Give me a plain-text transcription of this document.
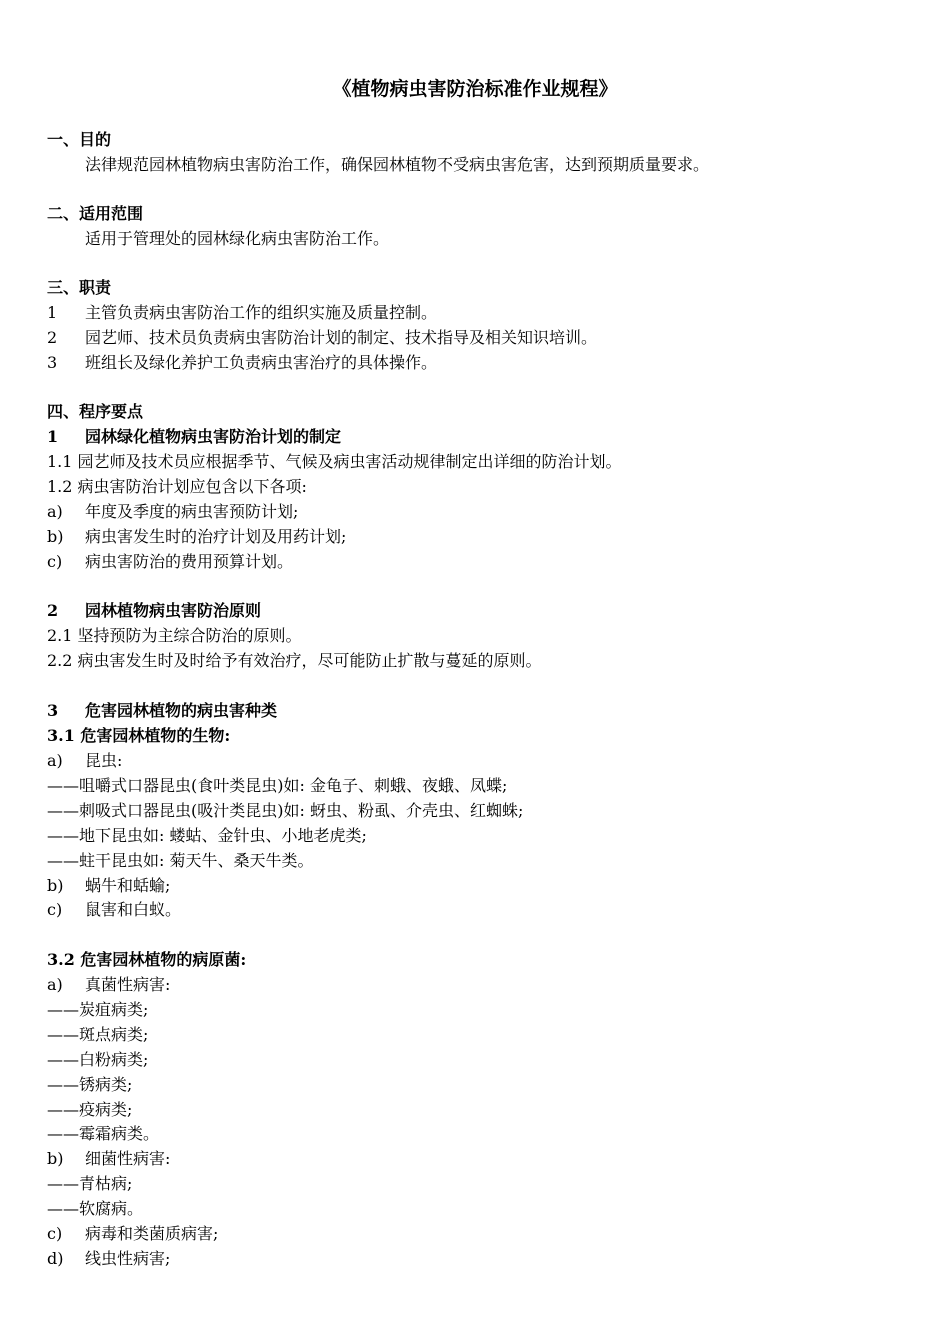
《植物病虫害防治标准作业规程》
一、目的
法律规范园林植物病虫害防治工作，确保园林植物不受病虫害危害，达到预期质量要求。
二、适用范围
适用于管理处的园林绿化病虫害防治工作。
三、职责
1 主管负责病虫害防治工作的组织实施及质量控制。
2 园艺师、技术员负责病虫害防治计划的制定、技术指导及相关知识培训。
3 班组长及绿化养护工负责病虫害治疗的具体操作。
四、程序要点
1 园林绿化植物病虫害防治计划的制定
1.1 园艺师及技术员应根据季节、气候及病虫害活动规律制定出详细的防治计划。
1.2 病虫害防治计划应包含以下各项:
a) 年度及季度的病虫害预防计划;
b) 病虫害发生时的治疗计划及用药计划;
c) 病虫害防治的费用预算计划。
2 园林植物病虫害防治原则
2.1 坚持预防为主综合防治的原则。
2.2 病虫害发生时及时给予有效治疗，尽可能防止扩散与蔓延的原则。
3 危害园林植物的病虫害种类
3.1 危害园林植物的生物:
a) 昆虫:
——咀嚼式口器昆虫(食叶类昆虫)如: 金龟子、刺蛾、夜蛾、凤蝶;
——刺吸式口器昆虫(吸汁类昆虫)如: 蚜虫、粉虱、介壳虫、红蜘蛛;
——地下昆虫如: 蝼蛄、金针虫、小地老虎类;
——蛀干昆虫如: 菊天牛、桑天牛类。
b) 蜗牛和蛞蝓;
c) 鼠害和白蚁。
3.2 危害园林植物的病原菌:
a) 真菌性病害:
——炭疽病类;
——斑点病类;
——白粉病类;
——锈病类;
——疫病类;
——霉霜病类。
b) 细菌性病害:
——青枯病;
——软腐病。
c) 病毒和类菌质病害;
d) 线虫性病害;
